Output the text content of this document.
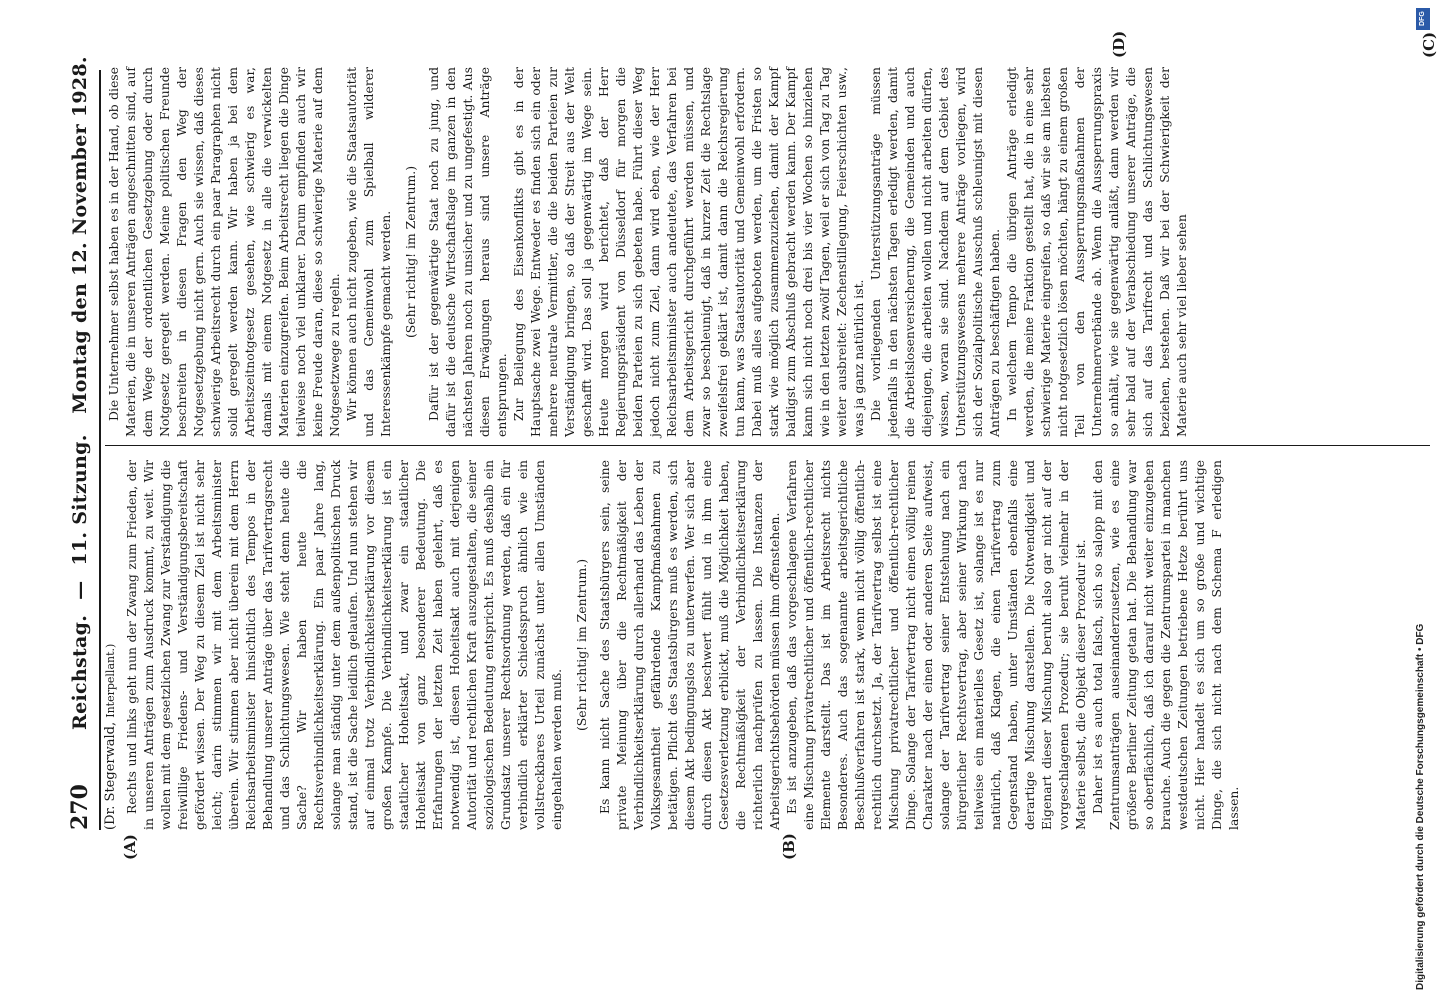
270
Reichstag. — 11. Sitzung.   Montag den 12. November 1928.
(Dr. Stegerwald, Interpellant.)
(A)	(B)
(C)
(D)

Rechts und links geht nun der Zwang zum Frieden, der in unseren Anträgen zum Ausdruck kommt, zu weit. Wir wollen mit dem gesetzlichen Zwang zur Verständigung die freiwillige Friedens- und Verständigungsbereitschaft gefördert wissen. Der Weg zu diesem Ziel ist nicht sehr leicht; darin stimmen wir mit dem Arbeitsminister überein. Wir stimmen aber nicht überein mit dem Herrn Reichsarbeitsminister hinsichtlich des Tempos in der Behandlung unserer Anträge über das Tarifvertragsrecht und das Schlichtungswesen. Wie steht denn heute die Sache? Wir haben heute die Rechtsverbindlichkeitserklärung. Ein paar Jahre lang, solange man ständig unter dem außenpolitischen Druck stand, ist die Sache leidlich gelaufen. Und nun stehen wir auf einmal trotz Verbindlichkeitserklärung vor diesem großen Kampfe. Die Verbindlichkeitserklärung ist ein staatlicher Hoheitsakt, und zwar ein staatlicher Hoheitsakt von ganz besonderer Bedeutung. Die Erfahrungen der letzten Zeit haben gelehrt, daß es notwendig ist, diesen Hoheitsakt auch mit derjenigen Autorität und rechtlichen Kraft auszugestalten, die seiner soziologischen Bedeutung entspricht. Es muß deshalb ein Grundsatz unserer Rechtsordnung werden, daß ein für verbindlich erklärter Schiedsspruch ähnlich wie ein vollstreckbares Urteil zunächst unter allen Umständen eingehalten werden muß.

(Sehr richtig! im Zentrum.) Es kann nicht Sache des Staatsbürgers sein, seine private Meinung über die Rechtmäßigkeit der Verbindlichkeitserklärung durch allerhand das Leben der Volksgesamtheit gefährdende Kampfmaßnahmen zu betätigen. Pflicht des Staatsbürgers muß es werden, sich diesem Akt bedingungslos zu unterwerfen. Wer sich aber durch diesen Akt beschwert fühlt und in ihm eine Gesetzesverletzung erblickt, muß die Möglichkeit haben, die Rechtmäßigkeit der Verbindlichkeitserklärung richterlich nachprüfen zu lassen. Die Instanzen der Arbeitsgerichtsbehörden müssen ihm offenstehen. Es ist anzugeben, daß das vorgeschlagene Verfahren eine Mischung privatrechtlicher und öffentlich-rechtlicher Elemente darstellt. Das ist im Arbeitsrecht nichts Besonderes. Auch das sogenannte arbeitsgerichtliche Beschlußverfahren ist stark, wenn nicht völlig öffentlich-rechtlich durchsetzt. Ja, der Tarifvertrag selbst ist eine Mischung privatrechtlicher und öffentlich-rechtlicher Dinge. Solange der Tarifvertrag nicht einen völlig reinen Charakter nach der einen oder anderen Seite aufweist, solange der Tarifvertrag seiner Entstehung nach ein bürgerlicher Rechtsvertrag, aber seiner Wirkung nach teilweise ein materielles Gesetz ist, solange ist es nur natürlich, daß Klagen, die einen Tarifvertrag zum Gegenstand haben, unter Umständen ebenfalls eine derartige Mischung darstellen. Die Notwendigkeit und Eigenart dieser Mischung beruht also gar nicht auf der vorgeschlagenen Prozedur; sie beruht vielmehr in der Materie selbst, die Objekt dieser Prozedur ist. Daher ist es auch total falsch, sich so salopp mit den Zentrumsanträgen auseinanderzusetzen, wie es eine größere Berliner Zeitung getan hat. Die Behandlung war so oberflächlich, daß ich darauf nicht weiter einzugehen brauche. Auch die gegen die Zentrumspartei in manchen westdeutschen Zeitungen betriebene Hetze berührt uns nicht. Hier handelt es sich um so große und wichtige Dinge, die sich nicht nach dem Schema F erledigen lassen.

Die Unternehmer selbst haben es in der Hand, ob diese Materien, die in unseren Anträgen angeschnitten sind, auf dem Wege der ordentlichen Gesetzgebung oder durch Notgesetz geregelt werden. Meine politischen Freunde beschreiten in diesen Fragen den Weg der Notgesetzgebung nicht gern. Auch sie wissen, daß dieses schwierige Arbeitsrecht durch ein paar Paragraphen nicht solid geregelt werden kann. Wir haben ja bei dem Arbeitszeitnotgesetz gesehen, wie schwierig es war, damals mit einem Notgesetz in alle die verwickelten Materien einzugreifen. Beim Arbeitsrecht liegen die Dinge teilweise noch viel unklarer. Darum empfinden auch wir keine Freude daran, diese so schwierige Materie auf dem Notgesetzwege zu regeln. Wir können auch nicht zugeben, wie die Staatsautorität und das Gemeinwohl zum Spielball wilderer Interessenkämpfe gemacht werden. (Sehr richtig! im Zentrum.) Dafür ist der gegenwärtige Staat noch zu jung, und dafür ist die deutsche Wirtschaftslage im ganzen in den nächsten Jahren noch zu unsicher und zu ungefestigt. Aus diesen Erwägungen heraus sind unsere Anträge entsprungen. Zur Beilegung des Eisenkonflikts gibt es in der Hauptsache zwei Wege. Entweder es finden sich ein oder mehrere neutrale Vermittler, die die beiden Parteien zur Verständigung bringen, so daß der Streit aus der Welt geschafft wird. Das soll ja gegenwärtig im Wege sein. Heute morgen wird berichtet, daß der Herr Regierungspräsident von Düsseldorf für morgen die beiden Parteien zu sich gebeten habe. Führt dieser Weg jedoch nicht zum Ziel, dann wird eben, wie der Herr Reichsarbeitsminister auch andeutete, das Verfahren bei dem Arbeitsgericht durchgeführt werden müssen, und zwar so beschleunigt, daß in kurzer Zeit die Rechtslage zweifelsfrei geklärt ist, damit dann die Reichsregierung tun kann, was Staatsautorität und Gemeinwohl erfordern. Dabei muß alles aufgeboten werden, um die Fristen so stark wie möglich zusammenzuziehen, damit der Kampf baldigst zum Abschluß gebracht werden kann. Der Kampf kann sich nicht noch drei bis vier Wochen so hinziehen wie in den letzten zwölf Tagen, weil er sich von Tag zu Tag weiter ausbreitet: Zechenstillegung, Feierschichten usw., was ja ganz natürlich ist. Die vorliegenden Unterstützungsanträge müssen jedenfalls in den nächsten Tagen erledigt werden, damit die Arbeitslosenversicherung, die Gemeinden und auch diejenigen, die arbeiten wollen und nicht arbeiten dürfen, wissen, woran sie sind. Nachdem auf dem Gebiet des Unterstützungswesens mehrere Anträge vorliegen, wird sich der Sozialpolitische Ausschuß schleunigst mit diesen Anträgen zu beschäftigen haben. In welchem Tempo die übrigen Anträge erledigt werden, die meine Fraktion gestellt hat, die in eine sehr schwierige Materie eingreifen, so daß wir sie am liebsten nicht notgesetzlich lösen möchten, hängt zu einem großen Teil von den Aussperrungsmaßnahmen der Unternehmerverbände ab. Wenn die Aussperrungspraxis so anhält, wie sie gegenwärtig anläßt, dann werden wir sehr bald auf der Verabschiedung unserer Anträge, die sich auf das Tarifrecht und das Schlichtungswesen beziehen, bestehen. Daß wir bei der Schwierigkeit der Materie auch sehr viel lieber sehen

Digitalisierung gefördert durch die Deutsche Forschungsgemeinschaft • DFG
DFG
